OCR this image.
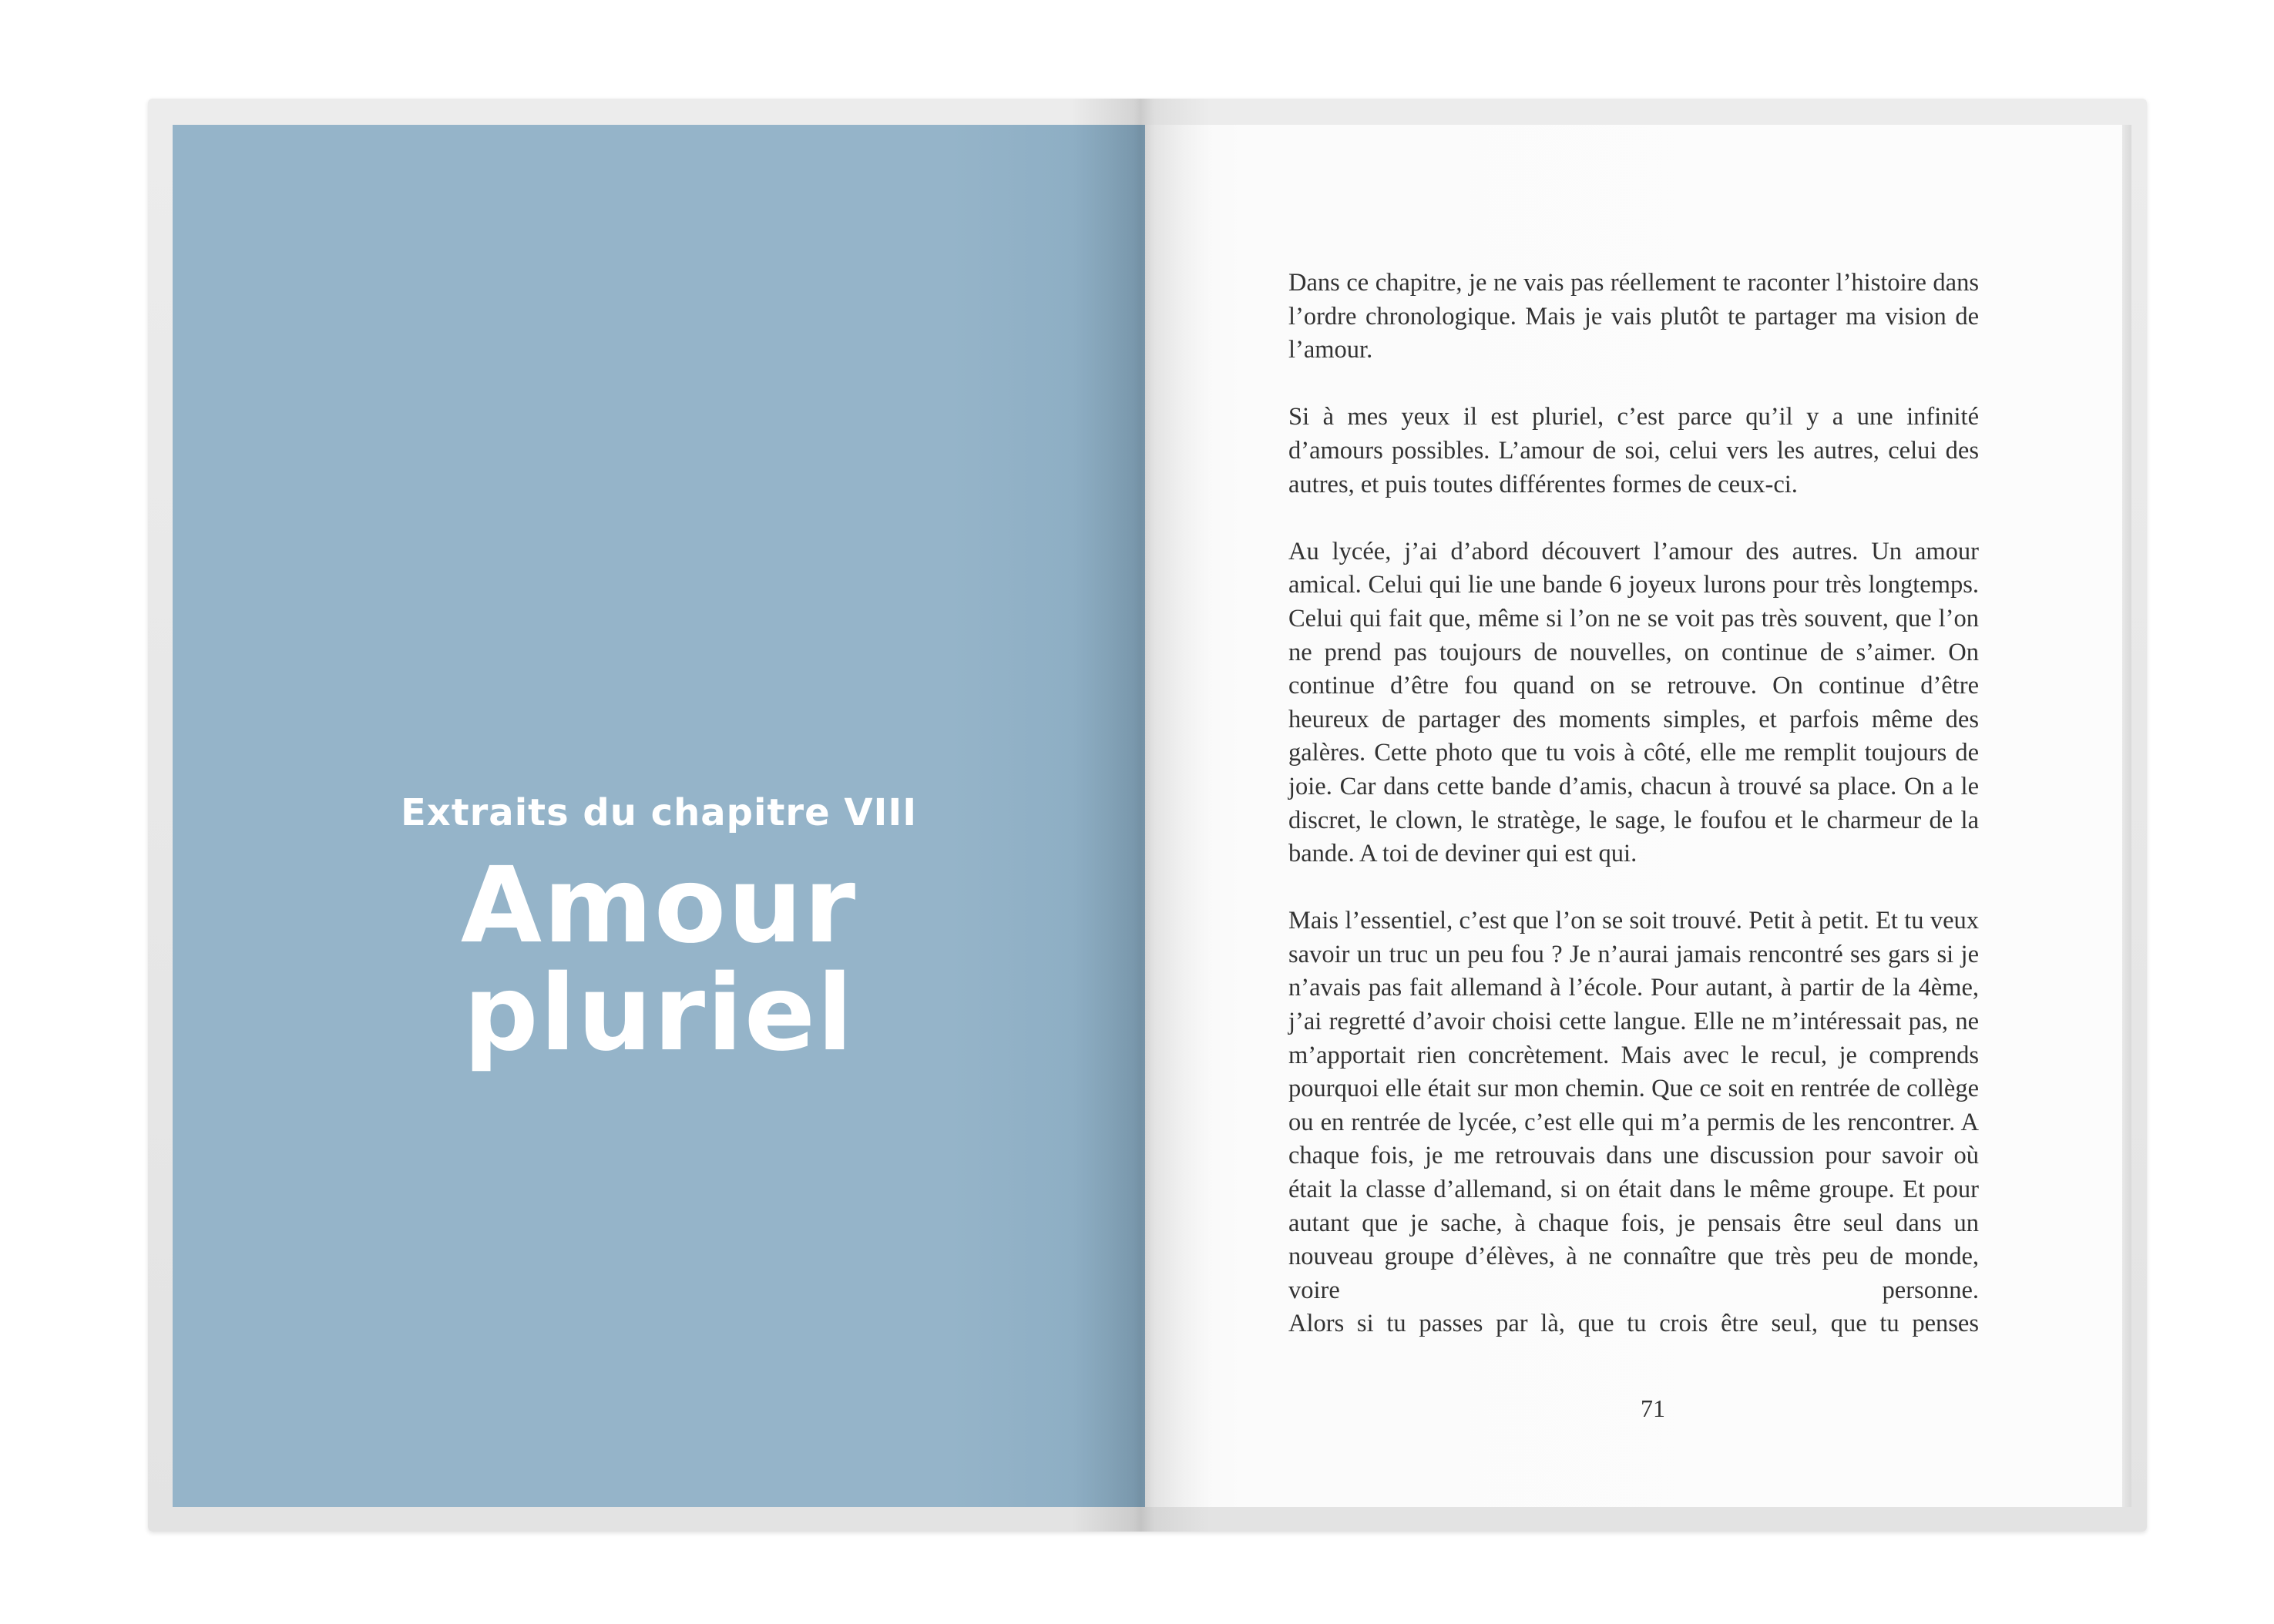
Extraits du chapitre VIII
Amour
pluriel

Dans ce chapitre, je ne vais pas réellement te raconter l’histoire dans l’ordre chronologique. Mais je vais plutôt te partager ma vision de l’amour.

Si à mes yeux il est pluriel, c’est parce qu’il y a une infinité d’amours possibles. L’amour de soi, celui vers les autres, celui des autres, et puis toutes différentes formes de ceux-ci.

Au lycée, j’ai d’abord découvert l’amour des autres. Un amour amical. Celui qui lie une bande 6 joyeux lurons pour très longtemps. Celui qui fait que, même si l’on ne se voit pas très souvent, que l’on ne prend pas toujours de nouvelles, on continue de s’aimer. On continue d’être fou quand on se retrouve. On continue d’être heureux de partager des moments simples, et parfois même des galères. Cette photo que tu vois à côté, elle me remplit toujours de joie. Car dans cette bande d’amis, chacun à trouvé sa place. On a le discret, le clown, le stratège, le sage, le foufou et le charmeur de la bande. A toi de deviner qui est qui.

Mais l’essentiel, c’est que l’on se soit trouvé. Petit à petit. Et tu veux savoir un truc un peu fou ? Je n’aurai jamais rencontré ses gars si je n’avais pas fait allemand à l’école. Pour autant, à partir de la 4ème, j’ai regretté d’avoir choisi cette langue. Elle ne m’intéressait pas, ne m’apportait rien concrètement. Mais avec le recul, je comprends pourquoi elle était sur mon chemin. Que ce soit en rentrée de collège ou en rentrée de lycée, c’est elle qui m’a permis de les rencontrer. A chaque fois, je me retrouvais dans une discussion pour savoir où était la classe d’allemand, si on était dans le même groupe. Et pour autant que je sache, à chaque fois, je pensais être seul dans un nouveau groupe d’élèves, à ne connaître que très peu de monde, voire personne.

Alors si tu passes par là, que tu crois être seul, que tu penses

71
